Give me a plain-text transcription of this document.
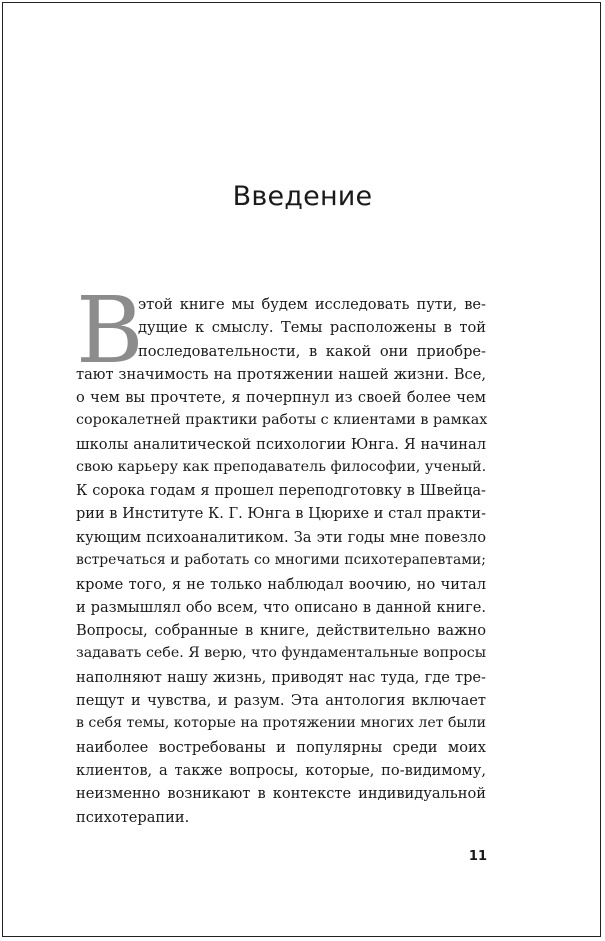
Введение
В
этой книге мы будем исследовать пути, ве-
дущие к смыслу. Темы расположены в той
последовательности, в какой они приобре-
тают значимость на протяжении нашей жизни. Все,
о чем вы прочтете, я почерпнул из своей более чем
сорокалетней практики работы с клиентами в рамках
школы аналитической психологии Юнга. Я начинал
свою карьеру как преподаватель философии, ученый.
К сорока годам я прошел переподготовку в Швейца-
рии в Институте К. Г. Юнга в Цюрихе и стал практи-
кующим психоаналитиком. За эти годы мне повезло
встречаться и работать со многими психотерапевтами;
кроме того, я не только наблюдал воочию, но читал
и размышлял обо всем, что описано в данной книге.
Вопросы, собранные в книге, действительно важно
задавать себе. Я верю, что фундаментальные вопросы
наполняют нашу жизнь, приводят нас туда, где тре-
пещут и чувства, и разум. Эта антология включает
в себя темы, которые на протяжении многих лет были
наиболее востребованы и популярны среди моих
клиентов, а также вопросы, которые, по-видимому,
неизменно возникают в контексте индивидуальной
психотерапии.
11
